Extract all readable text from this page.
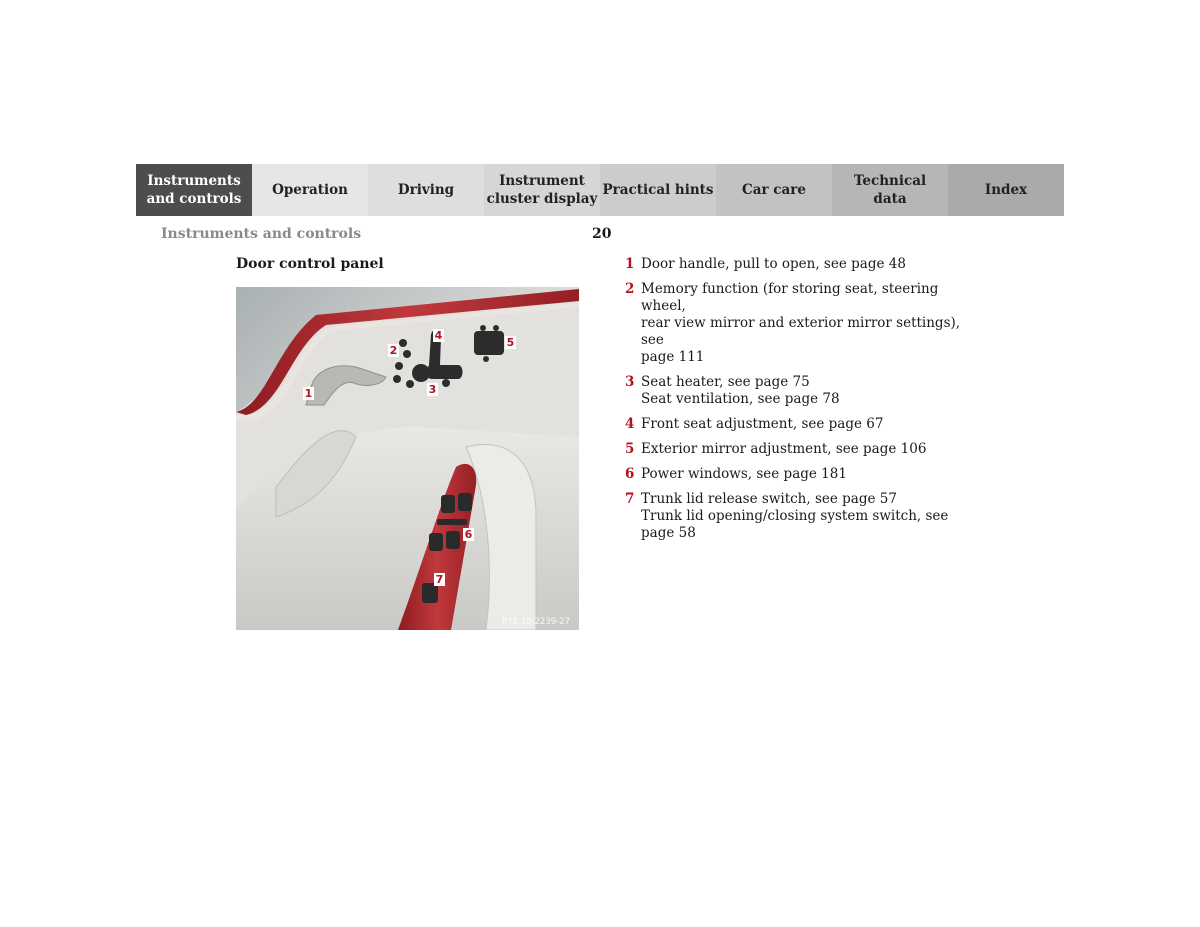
Instruments
and controls
Operation	Driving
Instrument
cluster display
Practical hints	Car care
Technical
data
Index
Instruments and controls	20
Door control panel
1
2
3
4
5
6
7
P72.10-2239-27
1 Door handle, pull to open, see page 48
2 Memory function (for storing seat, steering wheel,
rear view mirror and exterior mirror settings), see
page 111
3 Seat heater, see page 75
Seat ventilation, see page 78
4 Front seat adjustment, see page 67
5 Exterior mirror adjustment, see page 106
6 Power windows, see page 181
7 Trunk lid release switch, see page 57
Trunk lid opening/closing system switch, see
page 58
